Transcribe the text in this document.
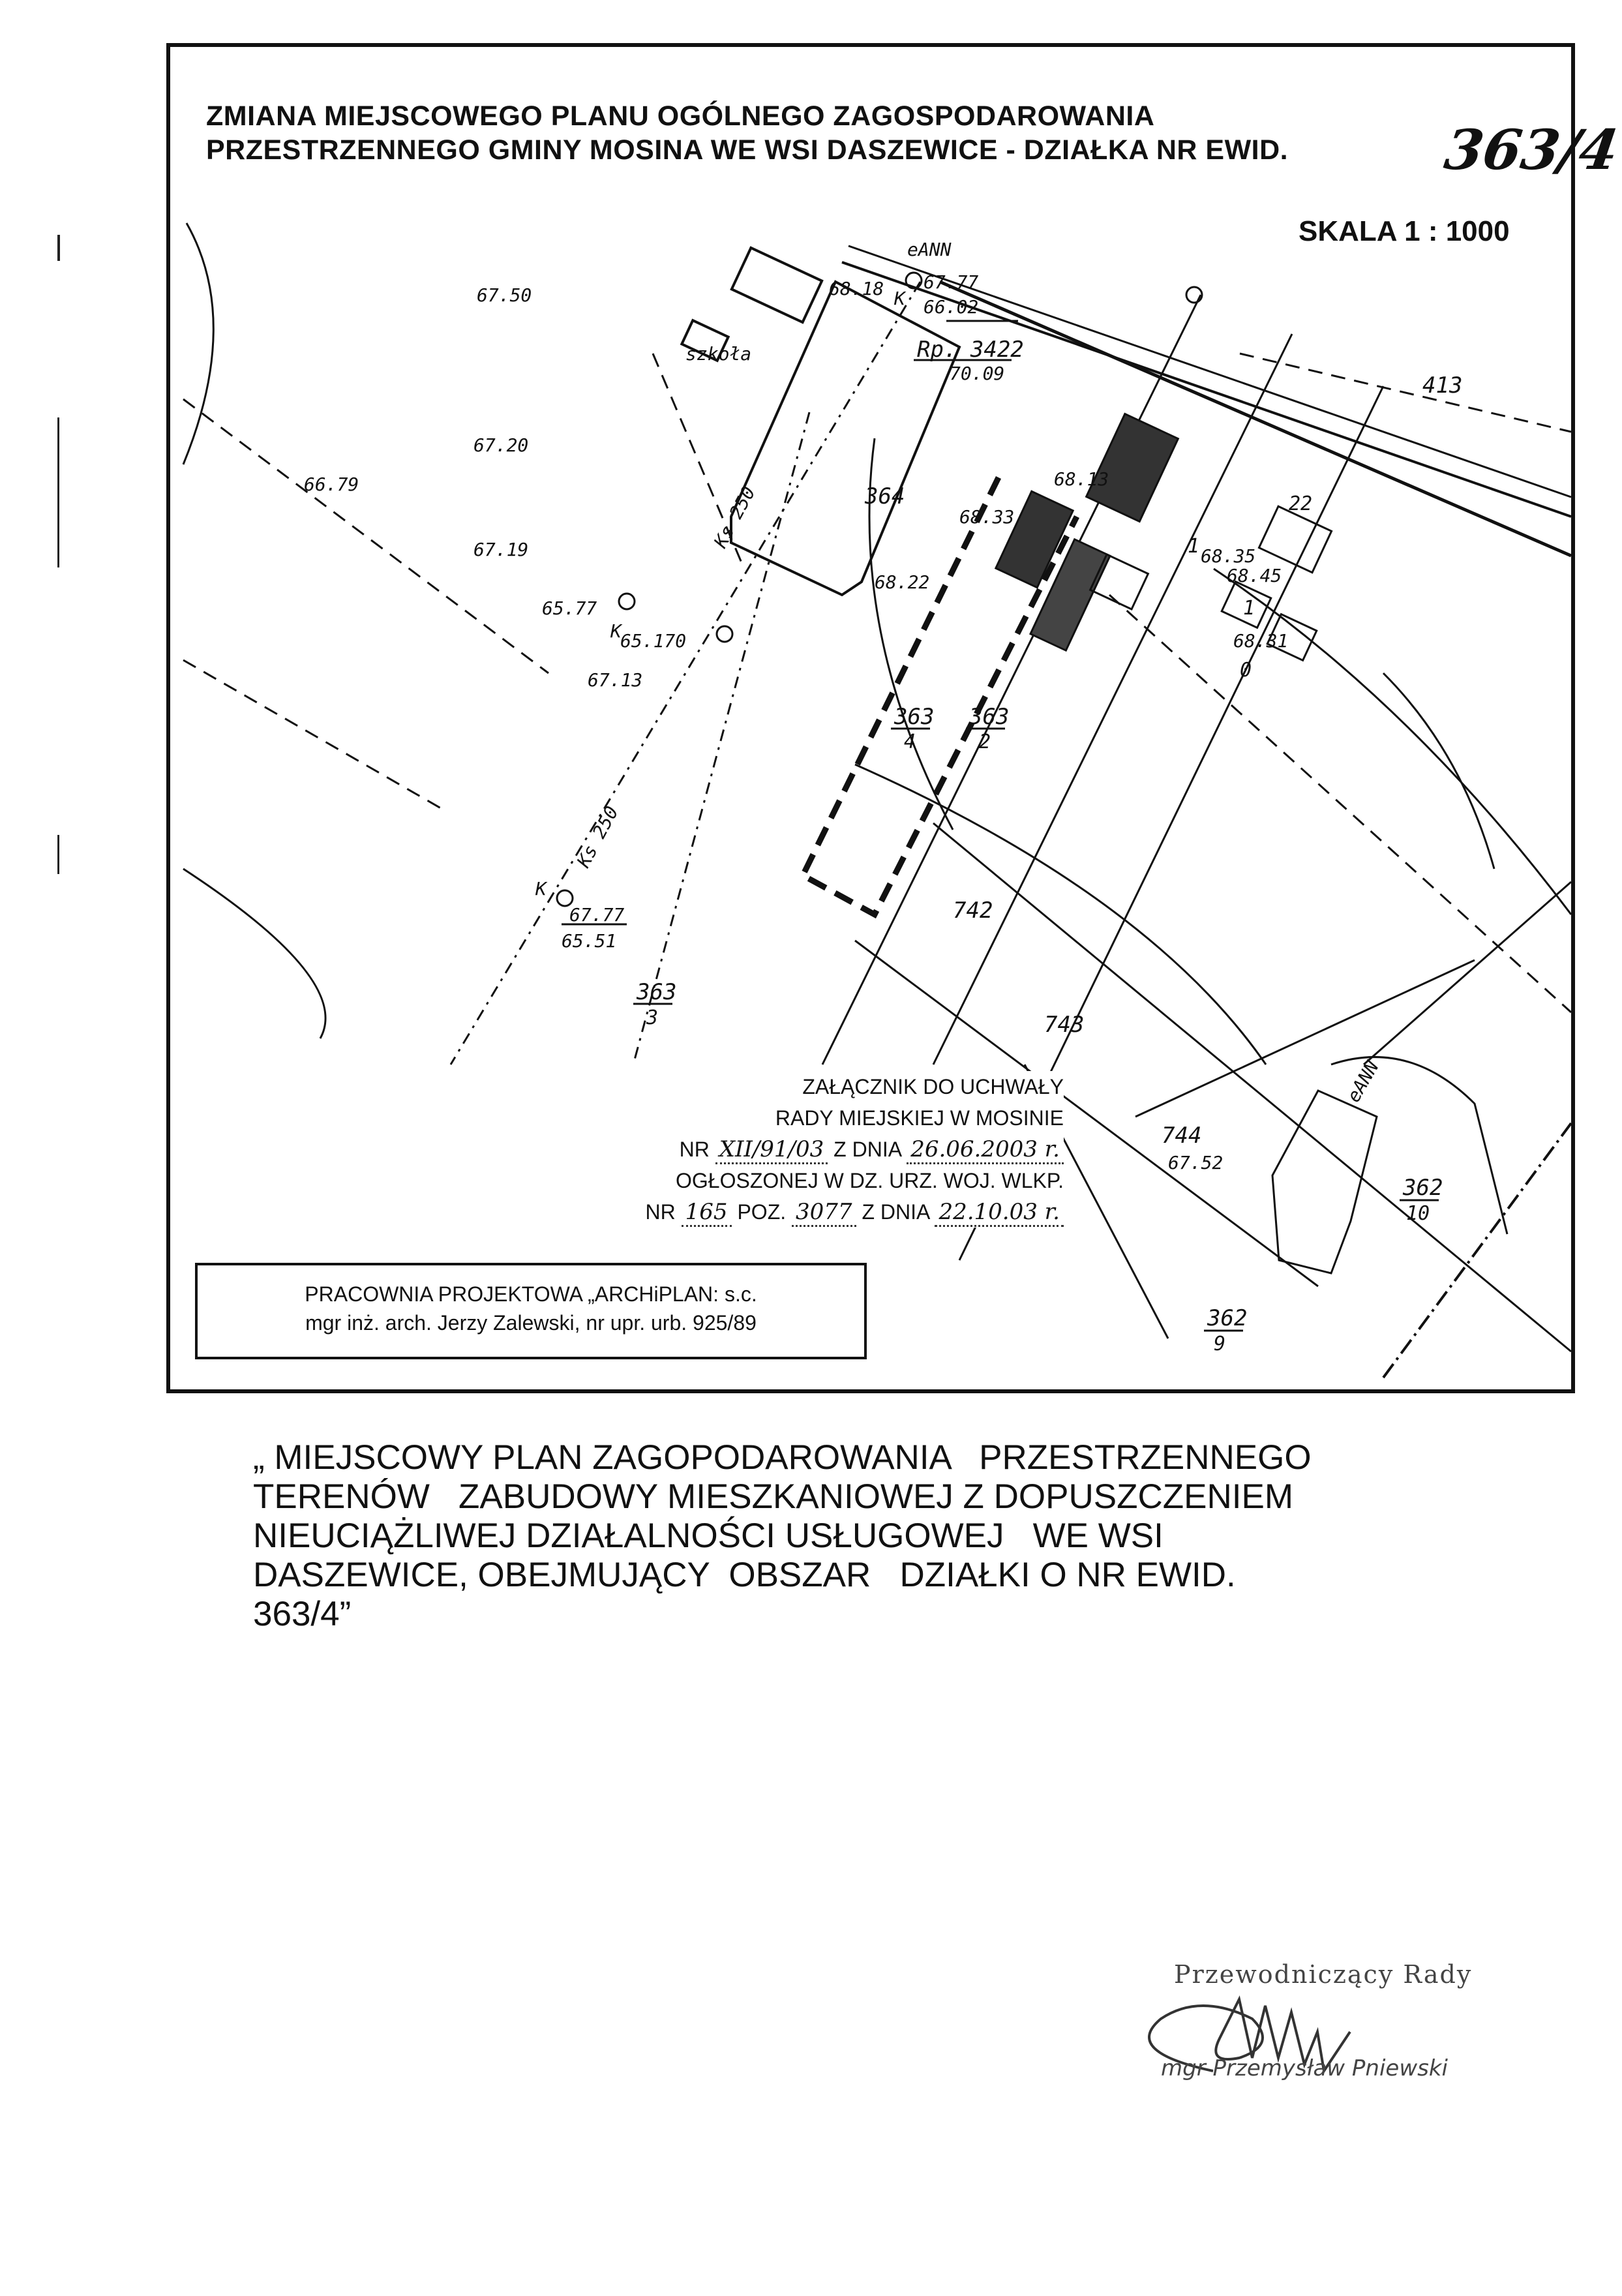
67.50
67.20
66.79
67.19
68.18 67.77
66.02
70.09
68.13
68.33
68.22	68.45
68.31
68.35
67.13
65.51
65.77
65.170
67.52
67.77
Rp. 3422
szkoła
Ks 250
Ks 250
eANN
eANN
K
K
K
364
363
4
363
2
363
3
742
743
744
413
362
10
362
9
22
1
1
0
ZMIANA MIEJSCOWEGO PLANU OGÓLNEGO ZAGOSPODAROWANIA
PRZESTRZENNEGO GMINY MOSINA WE WSI DASZEWICE - DZIAŁKA NR EWID.	363/4
SKALA 1 : 1000
ZAŁĄCZNIK DO UCHWAŁY
RADY MIEJSKIEJ W MOSINIE
NR XII/91/03 Z DNIA 26.06.2003 r.
OGŁOSZONEJ W DZ. URZ. WOJ. WLKP.
NR 165 POZ. 3077 Z DNIA 22.10.03 r.
PRACOWNIA PROJEKTOWA „ARCHiPLAN: s.c.
mgr inż. arch. Jerzy Zalewski, nr upr. urb. 925/89
„ MIEJSCOWY PLAN ZAGOPODAROWANIA   PRZESTRZENNEGO
TERENÓW   ZABUDOWY MIESZKANIOWEJ Z DOPUSZCZENIEM
NIEUCIĄŻLIWEJ DZIAŁALNOŚCI USŁUGOWEJ   WE WSI
DASZEWICE, OBEJMUJĄCY  OBSZAR   DZIAŁKI O NR EWID.
363/4”
Przewodniczący Rady
mgr Przemysław Pniewski
